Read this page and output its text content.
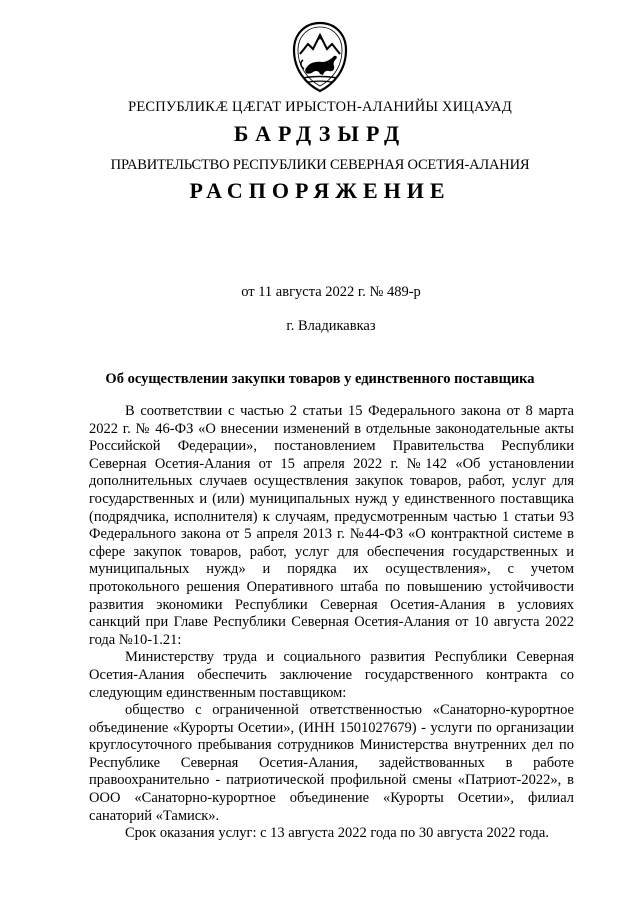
РЕСПУБЛИКÆ ЦÆГАТ ИРЫСТОН-АЛАНИЙЫ ХИЦАУАД
БАРДЗЫРД
ПРАВИТЕЛЬСТВО РЕСПУБЛИКИ СЕВЕРНАЯ ОСЕТИЯ-АЛАНИЯ
РАСПОРЯЖЕНИЕ
от 11 августа 2022 г. № 489-р
г. Владикавказ
Об осуществлении закупки товаров у единственного поставщика

В соответствии с частью 2 статьи 15 Федерального закона от 8 марта 2022 г. № 46-ФЗ «О внесении изменений в отдельные законодательные акты Российской Федерации», постановлением Правительства Республики Северная Осетия-Алания от 15 апреля 2022 г. №142 «Об установлении дополнительных случаев осуществления закупок товаров, работ, услуг для государственных и (или) муниципальных нужд у единственного поставщика (подрядчика, исполнителя) к случаям, предусмотренным частью 1 статьи 93 Федерального закона от 5 апреля 2013 г. №44-ФЗ «О контрактной системе в сфере закупок товаров, работ, услуг для обеспечения государственных и муниципальных нужд» и порядка их осуществления», с учетом протокольного решения Оперативного штаба по повышению устойчивости развития экономики Республики Северная Осетия-Алания в условиях санкций при Главе Республики Северная Осетия-Алания от 10 августа 2022 года №10-1.21:

Министерству труда и социального развития Республики Северная Осетия-Алания обеспечить заключение государственного контракта со следующим единственным поставщиком:

общество с ограниченной ответственностью «Санаторно-курортное объединение «Курорты Осетии», (ИНН 1501027679) - услуги по организации круглосуточного пребывания сотрудников Министерства внутренних дел по Республике Северная Осетия-Алания, задействованных в работе правоохранительно - патриотической профильной смены «Патриот-2022», в ООО «Санаторно-курортное объединение «Курорты Осетии», филиал санаторий «Тамиск».

Срок оказания услуг: с 13 августа 2022 года по 30 августа 2022 года.
